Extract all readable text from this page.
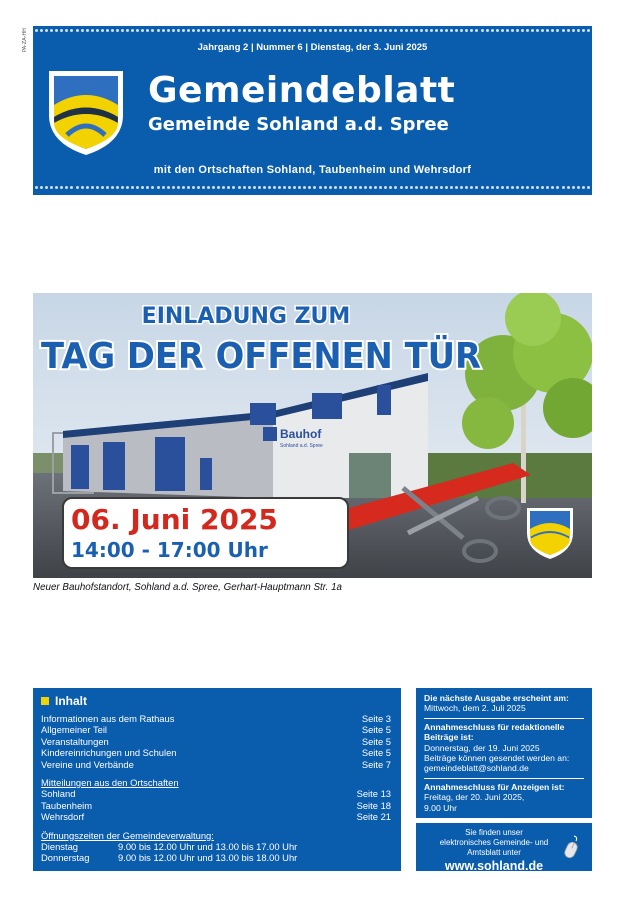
PA-ZA-HH	Jahrgang 2 | Nummer 6 | Dienstag, der 3. Juni 2025
Gemeindeblatt
Gemeinde Sohland a.d. Spree
mit den Ortschaften Sohland, Taubenheim und Wehrsdorf
Bauhof
Sohland a.d. Spree
EINLADUNG ZUM
TAG DER OFFENEN TÜR
06. Juni 2025
14:00 - 17:00 Uhr
Neuer Bauhofstandort, Sohland a.d. Spree, Gerhart-Hauptmann Str. 1a
Inhalt
Informationen aus dem Rathaus	Seite 3
Allgemeiner Teil	Seite 5
Veranstaltungen	Seite 5
Kindereinrichungen und Schulen	Seite 5
Vereine und Verbände	Seite 7
Mitteilungen aus den Ortschaften
Sohland	Seite 13
Taubenheim	Seite 18
Wehrsdorf	Seite 21
Öffnungszeiten der Gemeindeverwaltung:
Dienstag	9.00 bis 12.00 Uhr und 13.00 bis 17.00 Uhr
Donnerstag	9.00 bis 12.00 Uhr und 13.00 bis 18.00 Uhr
Die nächste Ausgabe erscheint am:
Mittwoch, dem 2. Juli 2025
Annahmeschluss für redaktionelle Beiträge ist:
Donnerstag, der 19. Juni 2025
Beiträge können gesendet werden an:
gemeindeblatt@sohland.de
Annahmeschluss für Anzeigen ist:
Freitag, der 20. Juni 2025,
9.00 Uhr
Sie finden unser
elektronisches Gemeinde- und
Amtsblatt unter
www.sohland.de
